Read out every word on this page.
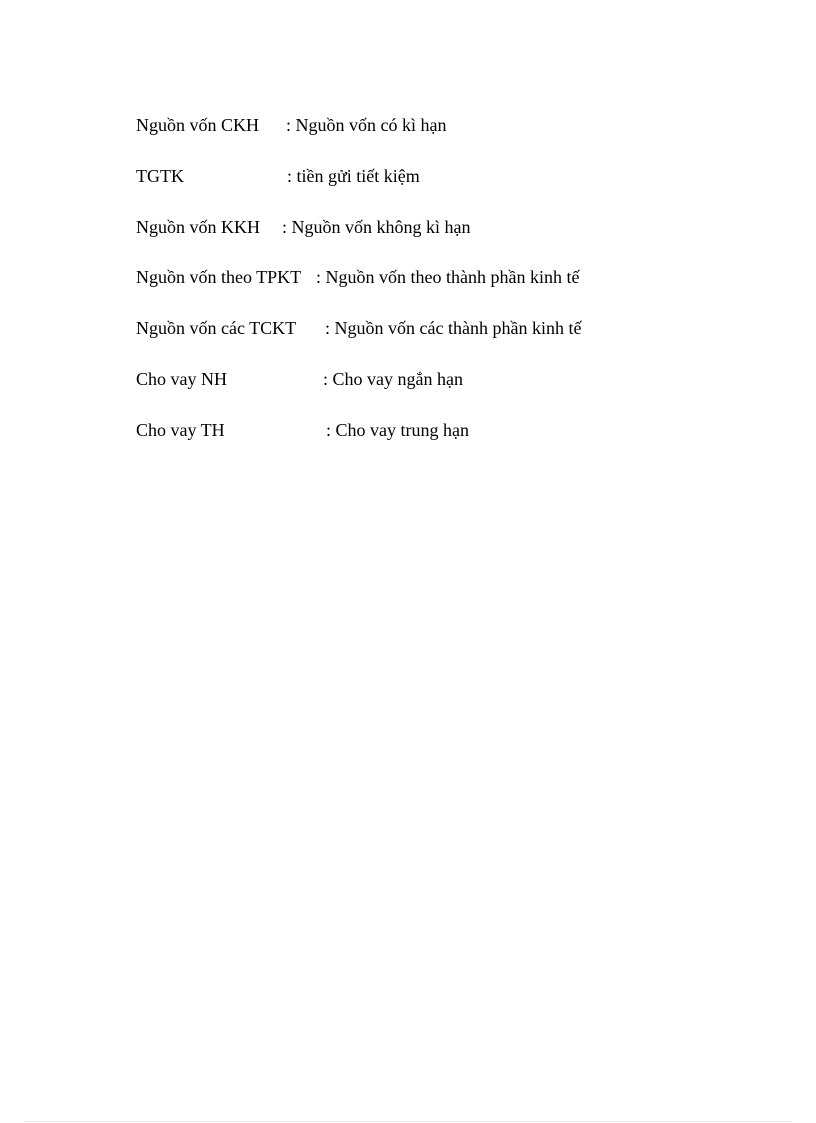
Nguồn vốn CKH : Nguồn vốn có kì hạn
TGTK	: tiền gửi tiết kiệm
Nguồn vốn KKH : Nguồn vốn không kì hạn
Nguồn vốn theo TPKT : Nguồn vốn theo thành phần kinh tế
Nguồn vốn các TCKT : Nguồn vốn các thành phần kinh tế
Cho vay NH	: Cho vay ngắn hạn
Cho vay TH	: Cho vay trung hạn
